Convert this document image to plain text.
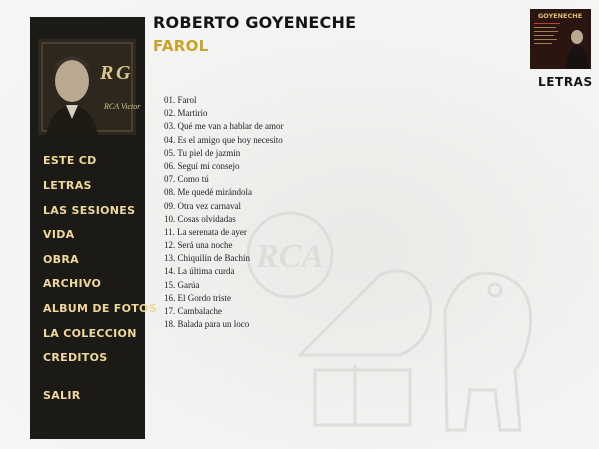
RCA
R G
RCA Victor
ESTE CD
LETRAS
LAS SESIONES
VIDA
OBRA
ARCHIVO
ALBUM DE FOTOS
LA COLECCION
CREDITOS
SALIR
ROBERTO GOYENECHE
FAROL
GOYENECHE
LETRAS
01. Farol
02. Martirio
03. Qué me van a hablar de amor
04. Es el amigo que hoy necesito
05. Tu piel de jazmín
06. Seguí mi consejo
07. Como tú
08. Me quedé mirándola
09. Otra vez carnaval
10. Cosas olvidadas
11. La serenata de ayer
12. Será una noche
13. Chiquilín de Bachín
14. La última curda
15. Garúa
16. El Gordo triste
17. Cambalache
18. Balada para un loco
